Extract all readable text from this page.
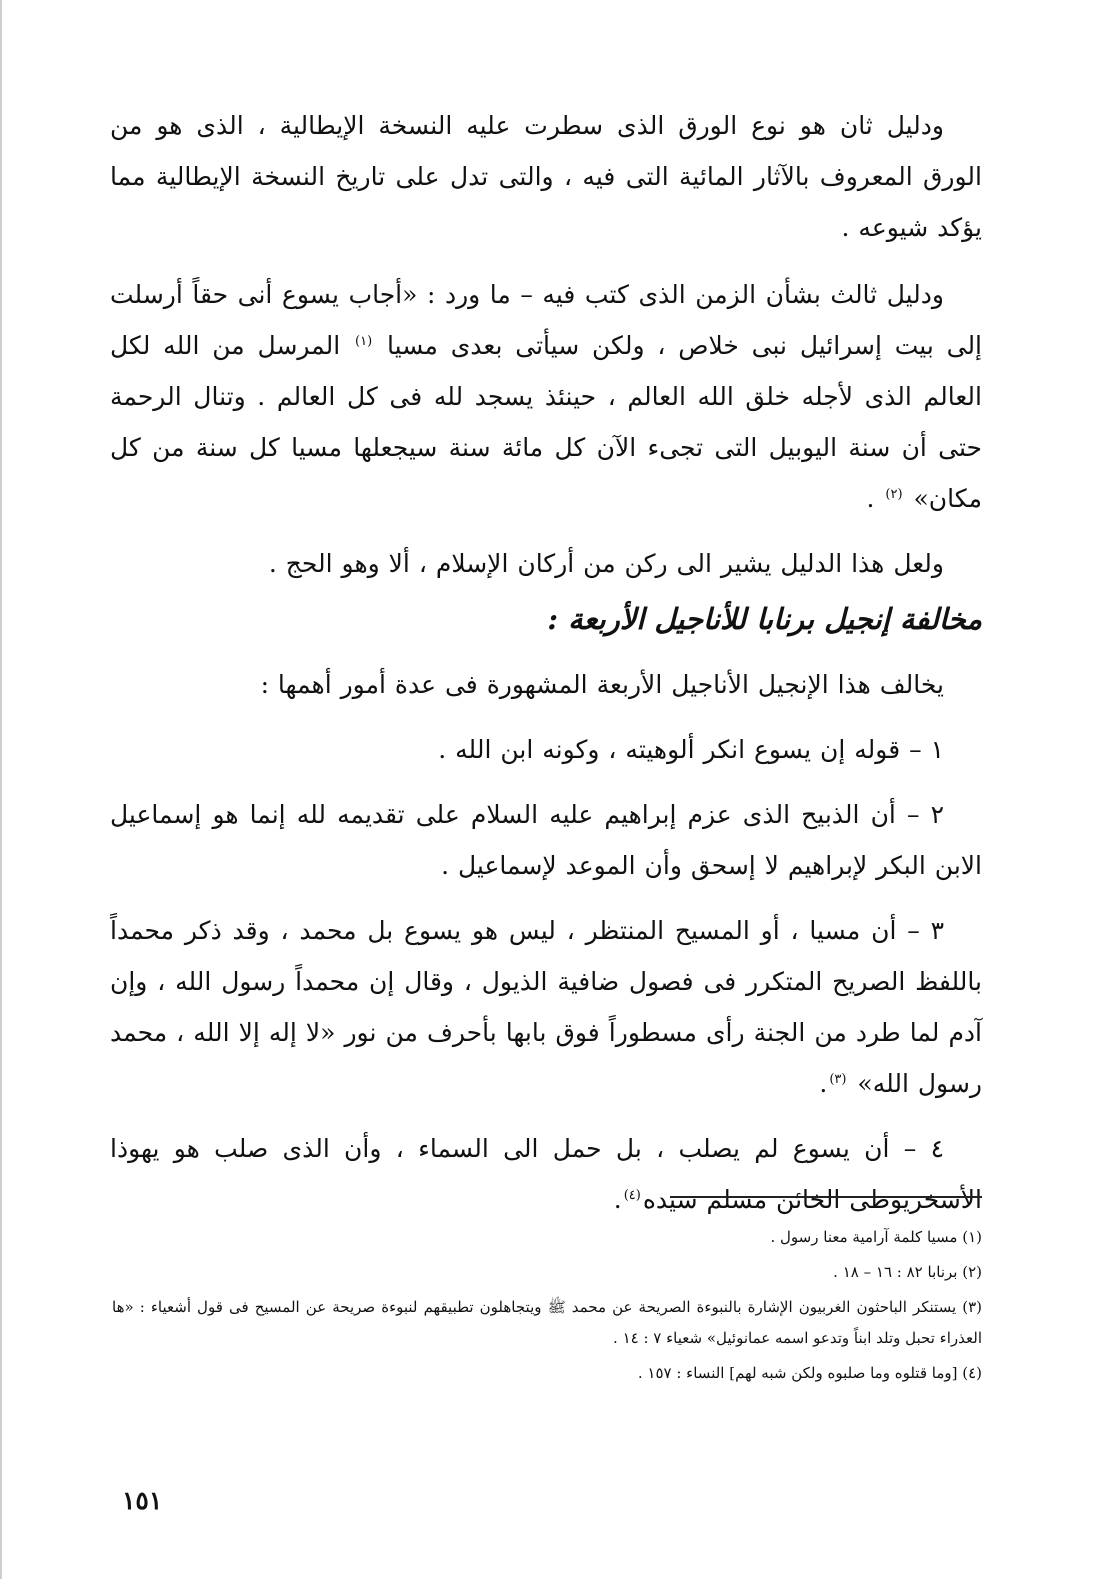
ودليل ثان هو نوع الورق الذى سطرت عليه النسخة الإيطالية ، الذى هو من الورق المعروف بالآثار المائية التى فيه ، والتى تدل على تاريخ النسخة الإيطالية مما يؤكد شيوعه .

ودليل ثالث بشأن الزمن الذى كتب فيه – ما ورد : «أجاب يسوع أنى حقاً أرسلت إلى بيت إسرائيل نبى خلاص ، ولكن سيأتى بعدى مسيا $^{(١)}$ المرسل من الله لكل العالم الذى لأجله خلق الله العالم ، حينئذ يسجد لله فى كل العالم . وتنال الرحمة حتى أن سنة اليوبيل التى تجىء الآن كل مائة سنة سيجعلها مسيا كل سنة من كل مكان» $^{(٢)}$ .

ولعل هذا الدليل يشير الى ركن من أركان الإسلام ، ألا وهو الحج .

مخالفة إنجيل برنابا للأناجيل الأربعة :

يخالف هذا الإنجيل الأناجيل الأربعة المشهورة فى عدة أمور أهمها :

١ – قوله إن يسوع انكر ألوهيته ، وكونه ابن الله .

٢ – أن الذبيح الذى عزم إبراهيم عليه السلام على تقديمه لله إنما هو إسماعيل الابن البكر لإبراهيم لا إسحق وأن الموعد لإسماعيل .

٣ – أن مسيا ، أو المسيح المنتظر ، ليس هو يسوع بل محمد ، وقد ذكر محمداً باللفظ الصريح المتكرر فى فصول ضافية الذيول ، وقال إن محمداً رسول الله ، وإن آدم لما طرد من الجنة رأى مسطوراً فوق بابها بأحرف من نور «لا إله إلا الله ، محمد رسول الله» $^{(٣)}$.

٤ – أن يسوع لم يصلب ، بل حمل الى السماء ، وأن الذى صلب هو يهوذا الأسخريوطى الخائن مسلم سيده$^{(٤)}$.

(١) مسيا كلمة آرامية معنا رسول .

(٢) برنابا ٨٢ : ١٦ – ١٨ .

(٣) يستنكر الباحثون الغربيون الإشارة بالنبوءة الصريحة عن محمد ﷺ ويتجاهلون تطبيقهم لنبوءة صريحة عن المسيح فى قول أشعياء : «ها العذراء تحبل وتلد ابناً وتدعو اسمه عمانوئيل» شعياء ٧ : ١٤ .

(٤) [وما قتلوه وما صلبوه ولكن شبه لهم] النساء : ١٥٧ .

١٥١
